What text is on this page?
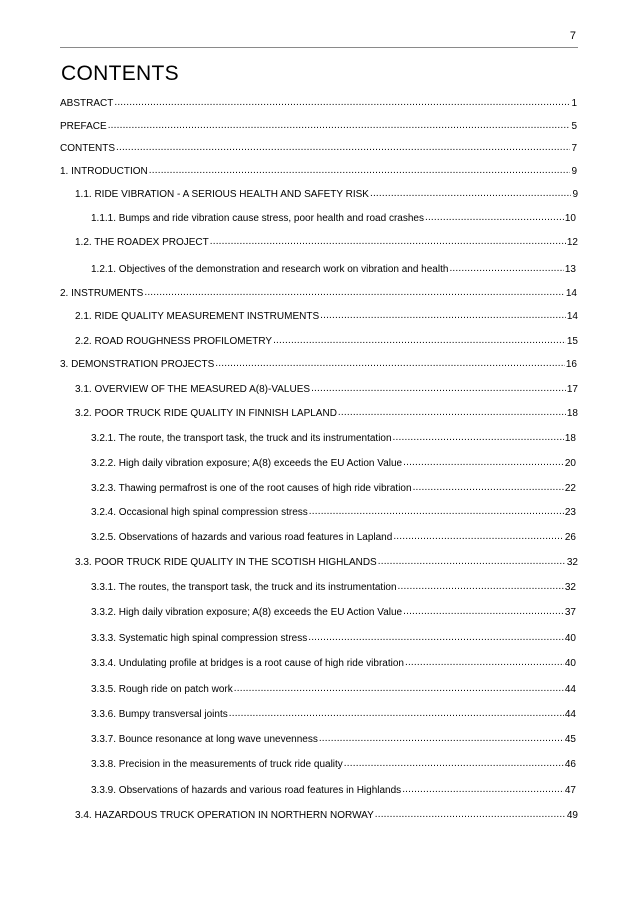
7
CONTENTS
ABSTRACT .....	1
PREFACE .....	5
CONTENTS .....	7
1. INTRODUCTION .....	9
1.1. RIDE VIBRATION - A SERIOUS HEALTH AND SAFETY RISK .....	9
1.1.1. Bumps and ride vibration cause stress, poor health and road crashes .....	10
1.2. THE ROADEX PROJECT .....	12
1.2.1. Objectives of the demonstration and research work on vibration and health .....	13
2. INSTRUMENTS .....	14
2.1. RIDE QUALITY MEASUREMENT INSTRUMENTS .....	14
2.2. ROAD ROUGHNESS PROFILOMETRY .....	15
3. DEMONSTRATION PROJECTS .....	16
3.1. OVERVIEW OF THE MEASURED A(8)-VALUES .....	17
3.2. POOR TRUCK RIDE QUALITY IN FINNISH LAPLAND .....	18
3.2.1. The route, the transport task, the truck and its instrumentation .....	18
3.2.2. High daily vibration exposure; A(8) exceeds the EU Action Value .....	20
3.2.3. Thawing permafrost is one of the root causes of high ride vibration .....	22
3.2.4. Occasional high spinal compression stress .....	23
3.2.5. Observations of hazards and various road features in Lapland .....	26
3.3. POOR TRUCK RIDE QUALITY IN THE SCOTISH HIGHLANDS .....	32
3.3.1. The routes, the transport task, the truck and its instrumentation .....	32
3.3.2. High daily vibration exposure; A(8) exceeds the EU Action Value .....	37
3.3.3. Systematic high spinal compression stress .....	40
3.3.4. Undulating profile at bridges is a root cause of high ride vibration .....	40
3.3.5. Rough ride on patch work .....	44
3.3.6. Bumpy transversal joints .....	44
3.3.7. Bounce resonance at long wave unevenness .....	45
3.3.8. Precision in the measurements of truck ride quality .....	46
3.3.9. Observations of hazards and various road features in Highlands .....	47
3.4. HAZARDOUS TRUCK OPERATION IN NORTHERN NORWAY .....	49
